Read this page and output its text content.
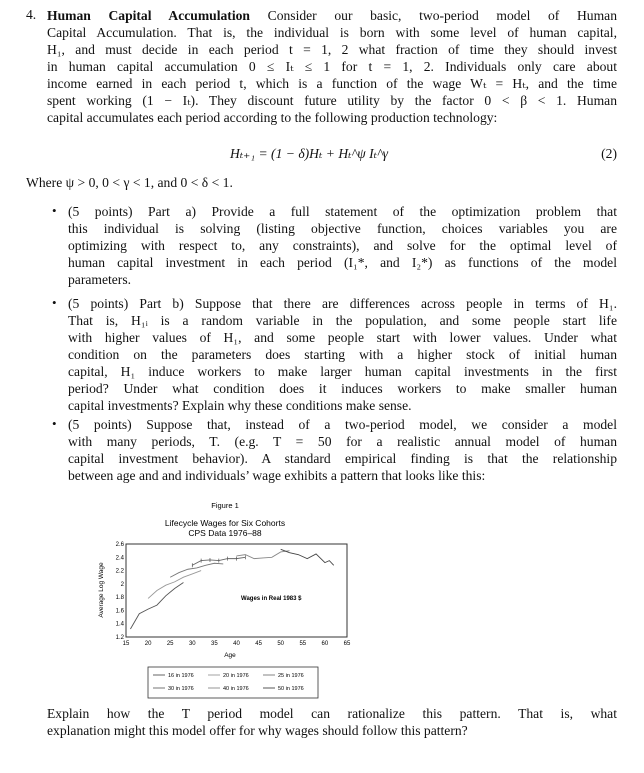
4. Human Capital Accumulation Consider our basic, two-period model of Human
Capital Accumulation. That is, the individual is born with some level of human capital,
H₁, and must decide in each period t = 1, 2 what fraction of time they should invest
in human capital accumulation 0 ≤ Iₜ ≤ 1 for t = 1, 2. Individuals only care about
income earned in each period t, which is a function of the wage Wₜ = Hₜ, and the time
spent working (1 − Iₜ). They discount future utility by the factor 0 < β < 1. Human
capital accumulates each period according to the following production technology:
Hₜ₊₁ = (1 − δ)Hₜ + Hₜ^ψ Iₜ^γ	(2)
Where ψ > 0, 0 < γ < 1, and 0 < δ < 1.
• (5 points) Part a) Provide a full statement of the optimization problem that
this individual is solving (listing objective function, choices variables you are
optimizing with respect to, any constraints), and solve for the optimal level of
human capital investment in each period (I₁*, and I₂*) as functions of the model
parameters.
• (5 points) Part b) Suppose that there are differences across people in terms of H₁.
That is, H₁ᵢ is a random variable in the population, and some people start life
with higher values of H₁, and some people start with lower values. Under what
condition on the parameters does starting with a higher stock of initial human
capital, H₁ induce workers to make larger human capital investments in the first
period? Under what condition does it induces workers to make smaller human
capital investments? Explain why these conditions make sense.
• (5 points) Suppose that, instead of a two-period model, we consider a model
with many periods, T. (e.g. T = 50 for a realistic annual model of human
capital investment behavior). A standard empirical finding is that the relationship
between age and and individuals’ wage exhibits a pattern that looks like this:
Figure 1
Lifecycle Wages for Six Cohorts
CPS Data 1976–88
15	20	25	30	35	40	45	50	55	60	65
1.2
1.4
1.6
1.8
2
2.2
2.4
2.6
Age
Average Log Wage	Wages in Real 1983 $
16 in 1976	20 in 1976	25 in 1976
30 in 1976	40 in 1976	50 in 1976
Explain how the T period model can rationalize this pattern. That is, what
explanation might this model offer for why wages should follow this pattern?
